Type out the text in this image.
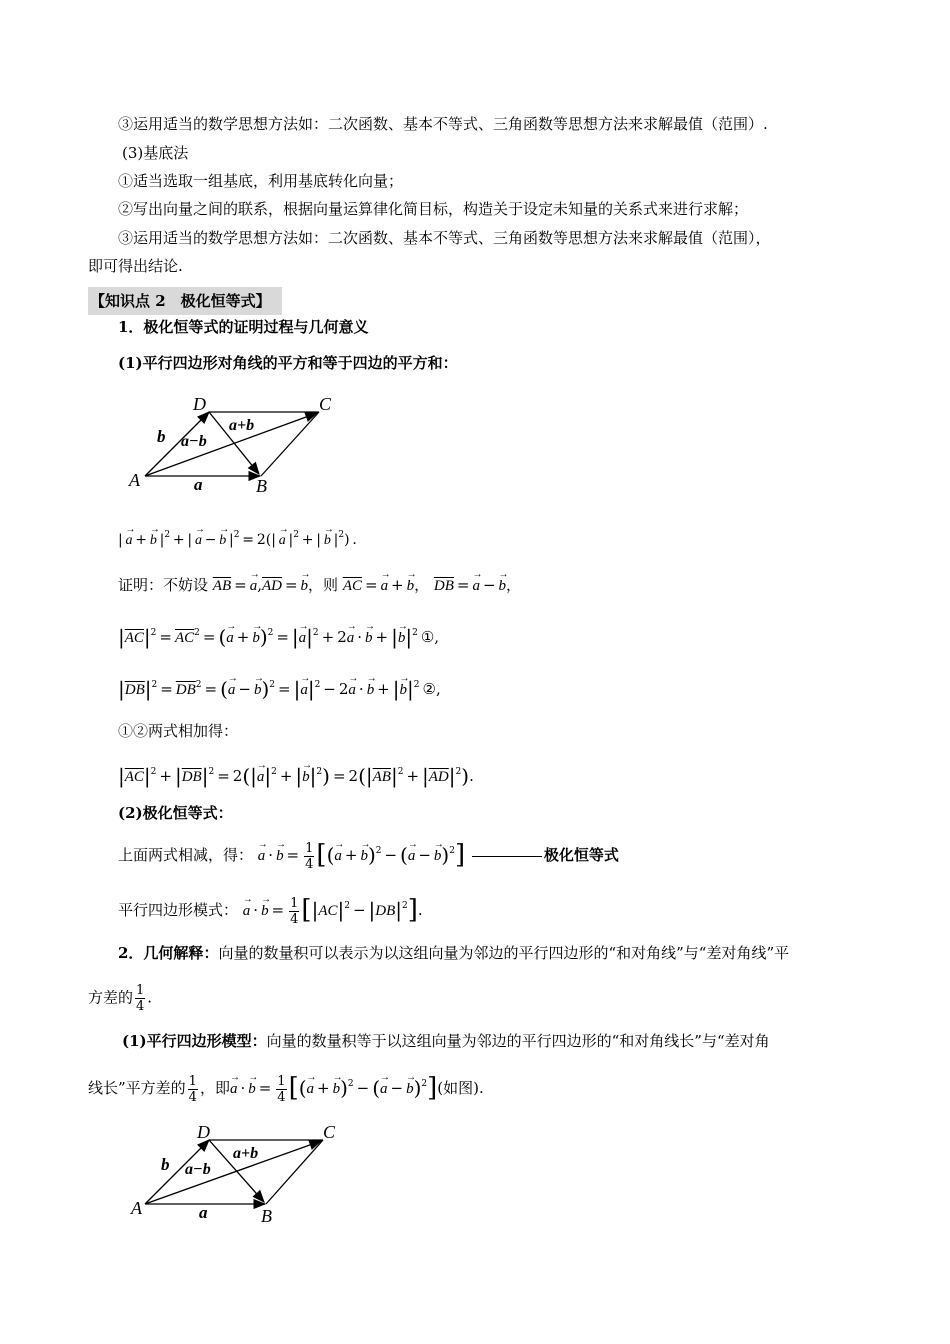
③运用适当的数学思想方法如：二次函数、基本不等式、三角函数等思想方法来求解最值（范围）.
(3)基底法
①适当选取一组基底，利用基底转化向量；
②写出向量之间的联系，根据向量运算律化简目标，构造关于设定未知量的关系式来进行求解；
③运用适当的数学思想方法如：二次函数、基本不等式、三角函数等思想方法来求解最值（范围），
即可得出结论.
【知识点 2　极化恒等式】
1．极化恒等式的证明过程与几何意义
(1)平行四边形对角线的平方和等于四边的平方和：
A	B
C
D
a
b a−b
a+b
| → a + → b $|^2$ + | → a − → b $|^2 = 2(| \to a$ $|^2$ + | → b $|^2$) .
证明：不妨设 $\overline{AB}$ = → $a,\overline{AD}$ = → b，则 $\overline{AC}$ = → a + → b， $\overline{DB}$ = → a − → b，
$|\overline{AC}|^2 = \overline{AC}^2$ = (→ a + → b)$^2$ = |→ $a|^2 + 2\to a$ · → b + |→ $b|^2$  ①,
$|\overline{DB}|^2 = \overline{DB}^2$ = (→ a − → b)$^2$ = |→ $a|^2 - 2\to a$ · → b + |→ $b|^2$  ②,
①②两式相加得：
$|\overline{AC}|^2 + |\overline{DB}|^2 = 2(|\to a|^2$ + |→ $b|^2) = 2(|\overline{AB}|^2 + |\overline{AD}|^2)$.
(2)极化恒等式：
上面两式相减，得： → a · → $b = \frac{1}{4}$ [(→ a + → b)$^2$ − (→ a − → b)$^2$]	极化恒等式
平行四边形模式： → a · → $b = \frac{1}{4} [|AC|^2 - |DB|^2]$.
2．几何解释：向量的数量积可以表示为以这组向量为邻边的平行四边形的“和对角线”与“差对角线”平
方差的 $\frac{1}{4}$ .
(1)平行四边形模型：向量的数量积等于以这组向量为邻边的平行四边形的“和对角线长”与“差对角
线长”平方差的 $\frac{1}{4}$ ，即→ a · → $b = \frac{1}{4}$ [(→ a + → b)$^2$ − (→ a − → b)$^2$](如图).
A	B
C
D
a
b a−b
a+b
